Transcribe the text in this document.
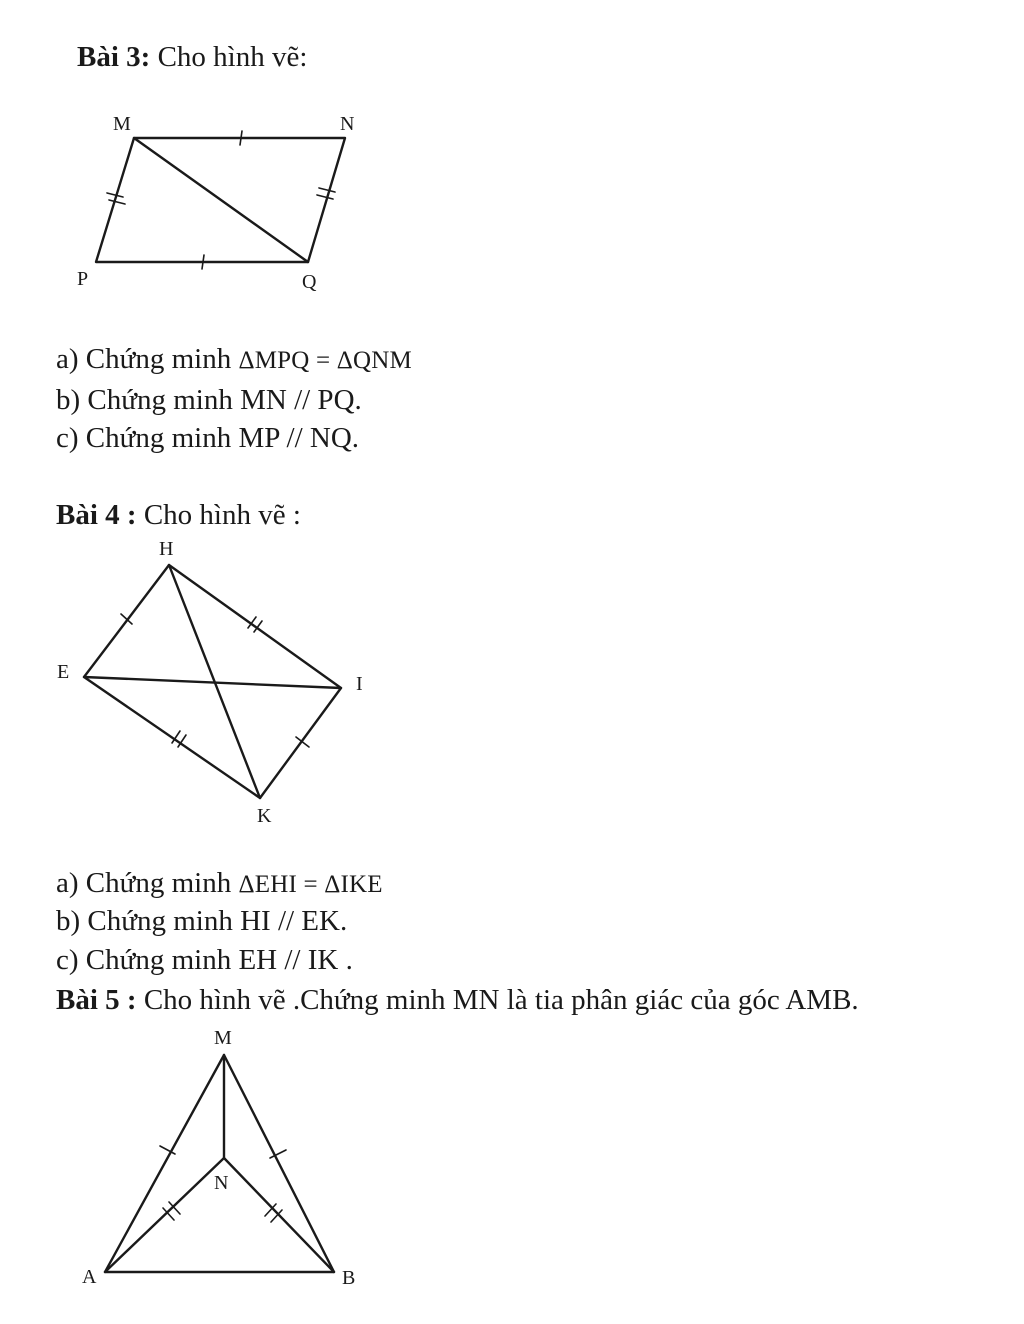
Bài 3: Cho hình vẽ:
M	N
P	Q
a) Chứng minh ΔMPQ = ΔQNM
b) Chứng minh MN // PQ.
c) Chứng minh MP // NQ.
Bài 4 : Cho hình vẽ :
H
E
I
K
a) Chứng minh ΔEHI = ΔIKE
b) Chứng minh HI // EK.
c) Chứng minh EH // IK .
Bài 5 : Cho hình vẽ .Chứng minh MN là tia phân giác của góc AMB.
M
N
A	B
